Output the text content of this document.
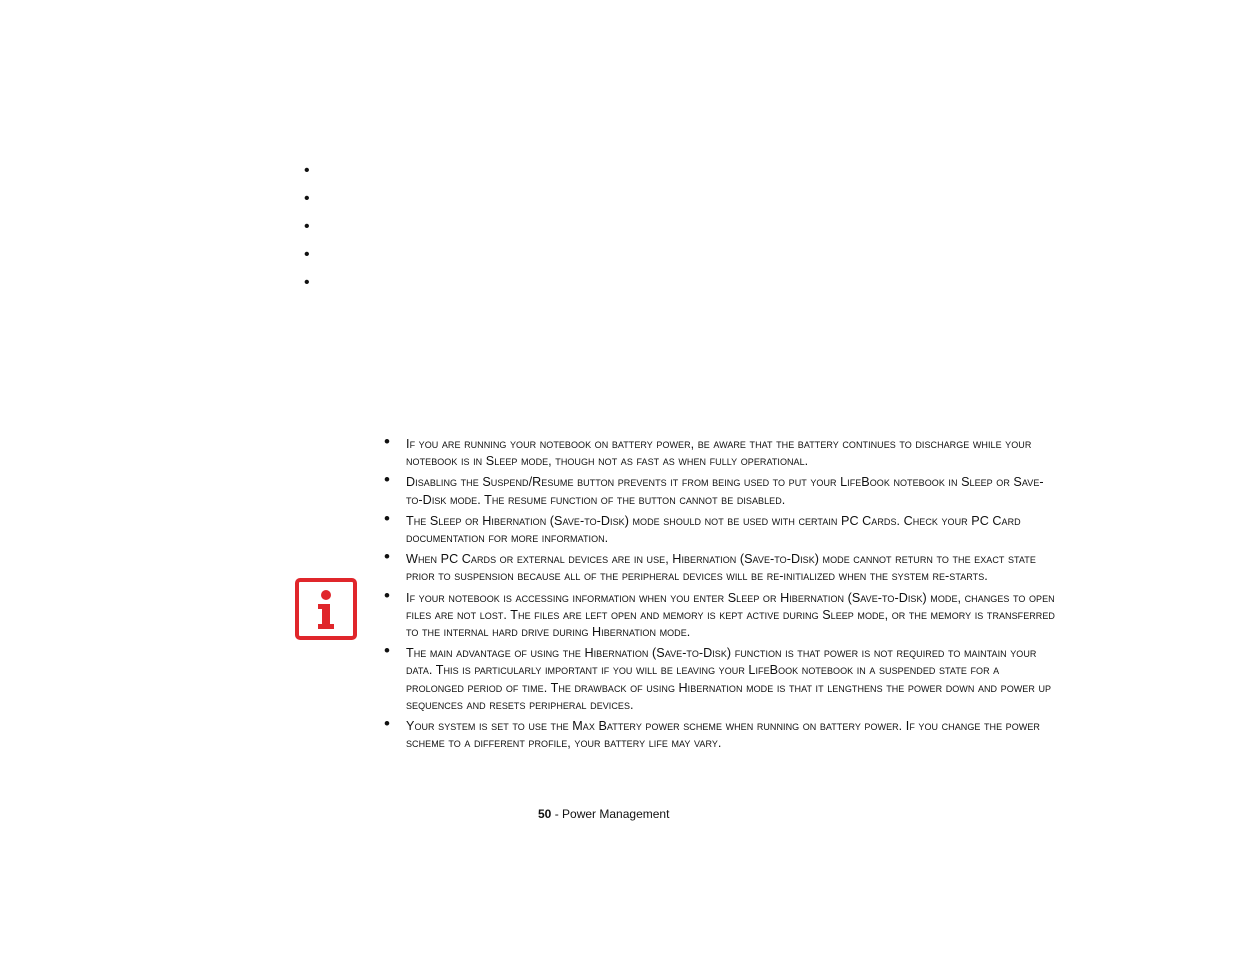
•
•
•
•
•
• If you are running your notebook on battery power, be aware that the battery continues to discharge while your notebook is in Sleep mode, though not as fast as when fully operational.
• Disabling the Suspend/Resume button prevents it from being used to put your LifeBook notebook in Sleep or Save-to-Disk mode. The resume function of the button cannot be disabled.
• The Sleep or Hibernation (Save-to-Disk) mode should not be used with certain PC Cards. Check your PC Card documentation for more information.
• When PC Cards or external devices are in use, Hibernation (Save-to-Disk) mode cannot return to the exact state prior to suspension because all of the peripheral devices will be re-initialized when the system re-starts.
• If your notebook is accessing information when you enter Sleep or Hibernation (Save-to-Disk) mode, changes to open files are not lost. The files are left open and memory is kept active during Sleep mode, or the memory is transferred to the internal hard drive during Hibernation mode.
• The main advantage of using the Hibernation (Save-to-Disk) function is that power is not required to maintain your data. This is particularly important if you will be leaving your LifeBook notebook in a suspended state for a prolonged period of time. The drawback of using Hibernation mode is that it lengthens the power down and power up sequences and resets peripheral devices.
• Your system is set to use the Max Battery power scheme when running on battery power. If you change the power scheme to a different profile, your battery life may vary.
50 - Power Management
